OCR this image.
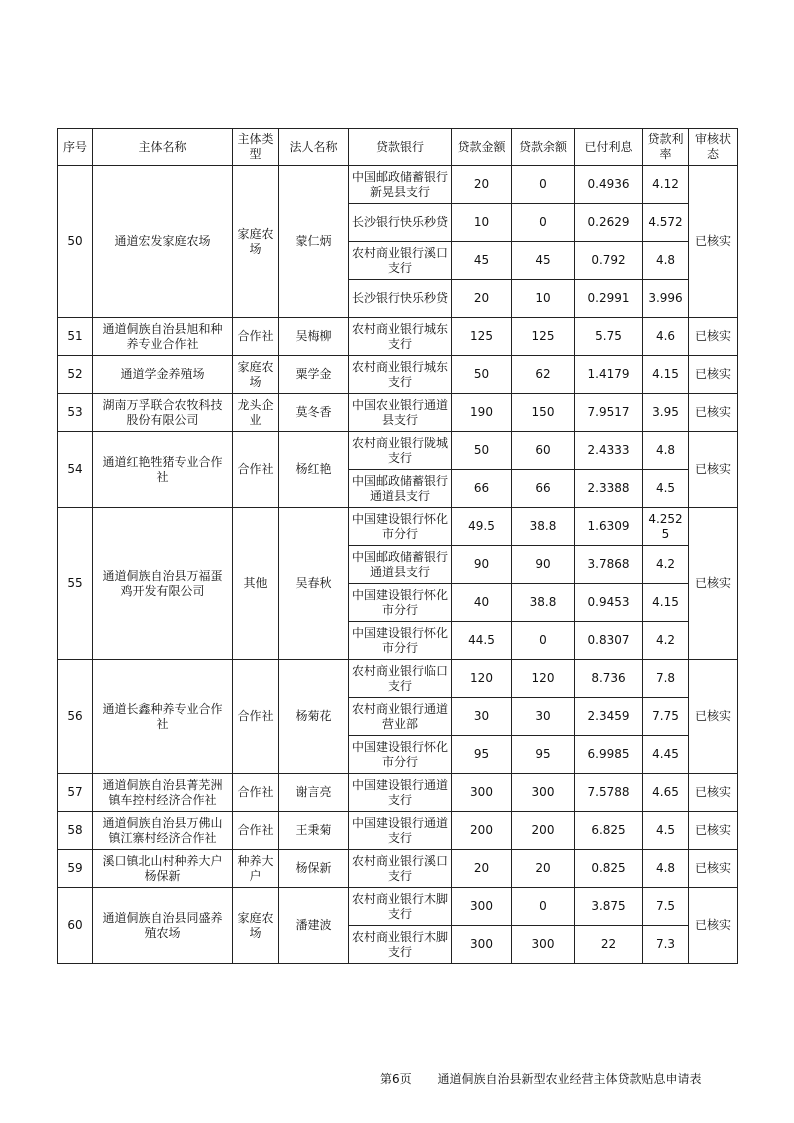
序号	主体名称	主体类型	法人名称	贷款银行	贷款金额	贷款余额	已付利息	贷款利率	审核状态
50	通道宏发家庭农场	家庭农场	蒙仁炳	中国邮政储蓄银行新晃县支行	20	0	0.4936	4.12	已核实
				长沙银行快乐秒贷	10	0	0.2629	4.572	
				农村商业银行溪口支行	45	45	0.792	4.8	
				长沙银行快乐秒贷	20	10	0.2991	3.996	
51	通道侗族自治县旭和种养专业合作社	合作社	吴梅柳	农村商业银行城东支行	125	125	5.75	4.6	已核实
52	通道学金养殖场	家庭农场	粟学金	农村商业银行城东支行	50	62	1.4179	4.15	已核实
53	湖南万孚联合农牧科技股份有限公司	龙头企业	莫冬香	中国农业银行通道县支行	190	150	7.9517	3.95	已核实
54	通道红艳牲猪专业合作社	合作社	杨红艳	农村商业银行陇城支行	50	60	2.4333	4.8	已核实
				中国邮政储蓄银行通道县支行	66	66	2.3388	4.5	
55	通道侗族自治县万福蛋鸡开发有限公司	其他	吴春秋	中国建设银行怀化市分行	49.5	38.8	1.6309	4.2525	已核实
				中国邮政储蓄银行通道县支行	90	90	3.7868	4.2	
				中国建设银行怀化市分行	40	38.8	0.9453	4.15	
				中国建设银行怀化市分行	44.5	0	0.8307	4.2	
56	通道长鑫种养专业合作社	合作社	杨菊花	农村商业银行临口支行	120	120	8.736	7.8	已核实
				农村商业银行通道营业部	30	30	2.3459	7.75	
				中国建设银行怀化市分行	95	95	6.9985	4.45	
57	通道侗族自治县菁芜洲镇车控村经济合作社	合作社	谢言亮	中国建设银行通道支行	300	300	7.5788	4.65	已核实
58	通道侗族自治县万佛山镇江寨村经济合作社	合作社	王秉菊	中国建设银行通道支行	200	200	6.825	4.5	已核实
59	溪口镇北山村种养大户杨保新	种养大户	杨保新	农村商业银行溪口支行	20	20	0.825	4.8	已核实
60	通道侗族自治县同盛养殖农场	家庭农场	潘建波	农村商业银行木脚支行	300	0	3.875	7.5	已核实
				农村商业银行木脚支行	300	300	22	7.3	
第6页 通道侗族自治县新型农业经营主体贷款贴息申请表
